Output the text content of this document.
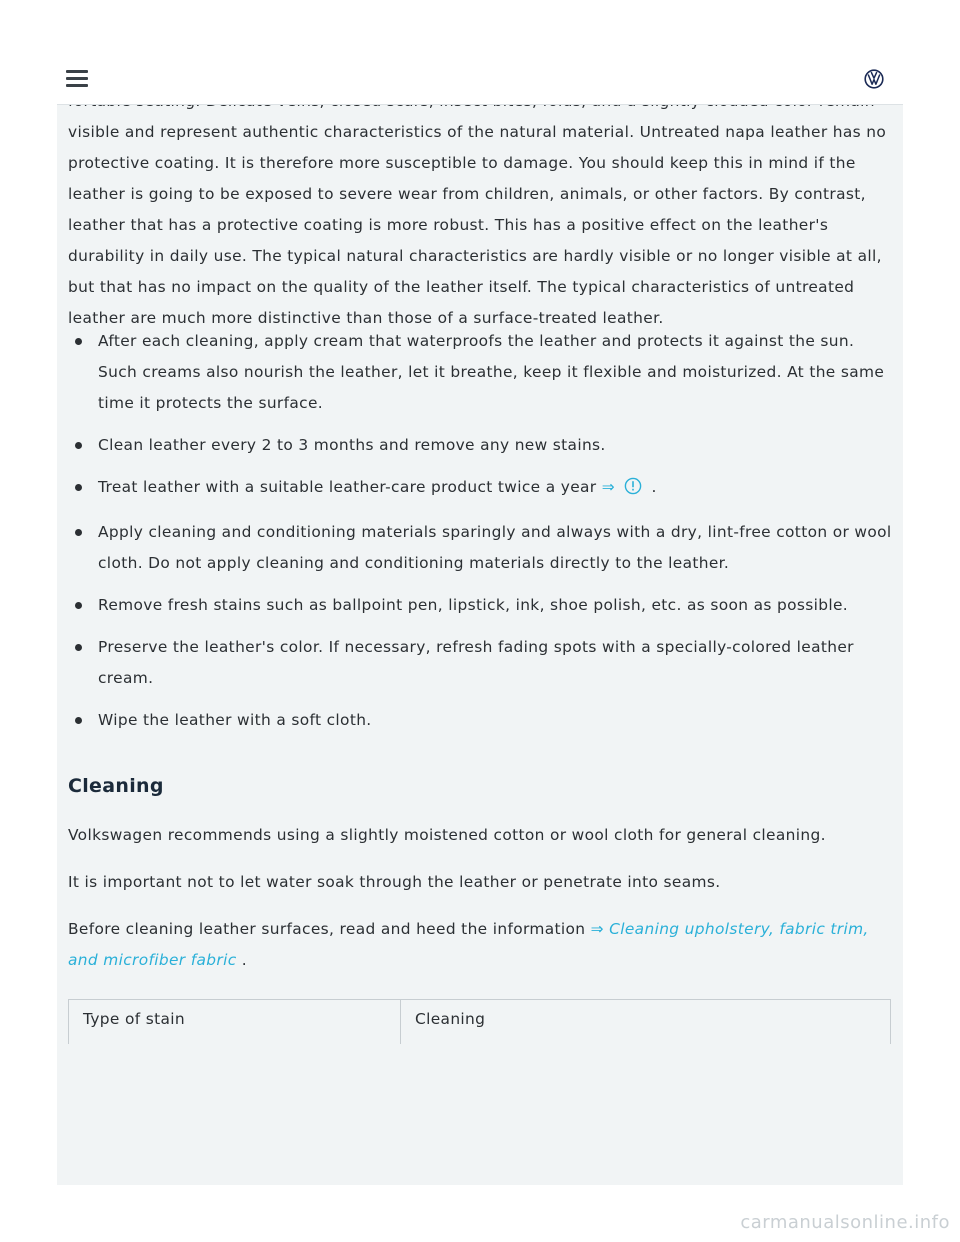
visible and represent authentic characteristics of the natural material. Untreated napa leather has no protective coating. It is therefore more susceptible to damage. You should keep this in mind if the leather is going to be exposed to severe wear from children, animals, or other factors. By contrast, leather that has a protective coating is more robust. This has a positive effect on the leather's durability in daily use. The typical natural characteristics are hardly visible or no longer visible at all, but that has no impact on the quality of the leather itself. The typical characteristics of untreated leather are much more distinctive than those of a surface-treated leather.
After each cleaning, apply cream that waterproofs the leather and protects it against the sun. Such creams also nourish the leather, let it breathe, keep it flexible and moisturized. At the same time it protects the surface.
Clean leather every 2 to 3 months and remove any new stains.
Treat leather with a suitable leather-care product twice a year ⇒ .
Apply cleaning and conditioning materials sparingly and always with a dry, lint-free cotton or wool cloth. Do not apply cleaning and conditioning materials directly to the leather.
Remove fresh stains such as ballpoint pen, lipstick, ink, shoe polish, etc. as soon as possible.
Preserve the leather's color. If necessary, refresh fading spots with a specially-colored leather cream.
Wipe the leather with a soft cloth.
Cleaning

Volkswagen recommends using a slightly moistened cotton or wool cloth for general cleaning.

It is important not to let water soak through the leather or penetrate into seams.

Before cleaning leather surfaces, read and heed the information ⇒ Cleaning upholstery, fabric trim, and microfiber fabric .

Type of stain	Cleaning
carmanualsonline.info
